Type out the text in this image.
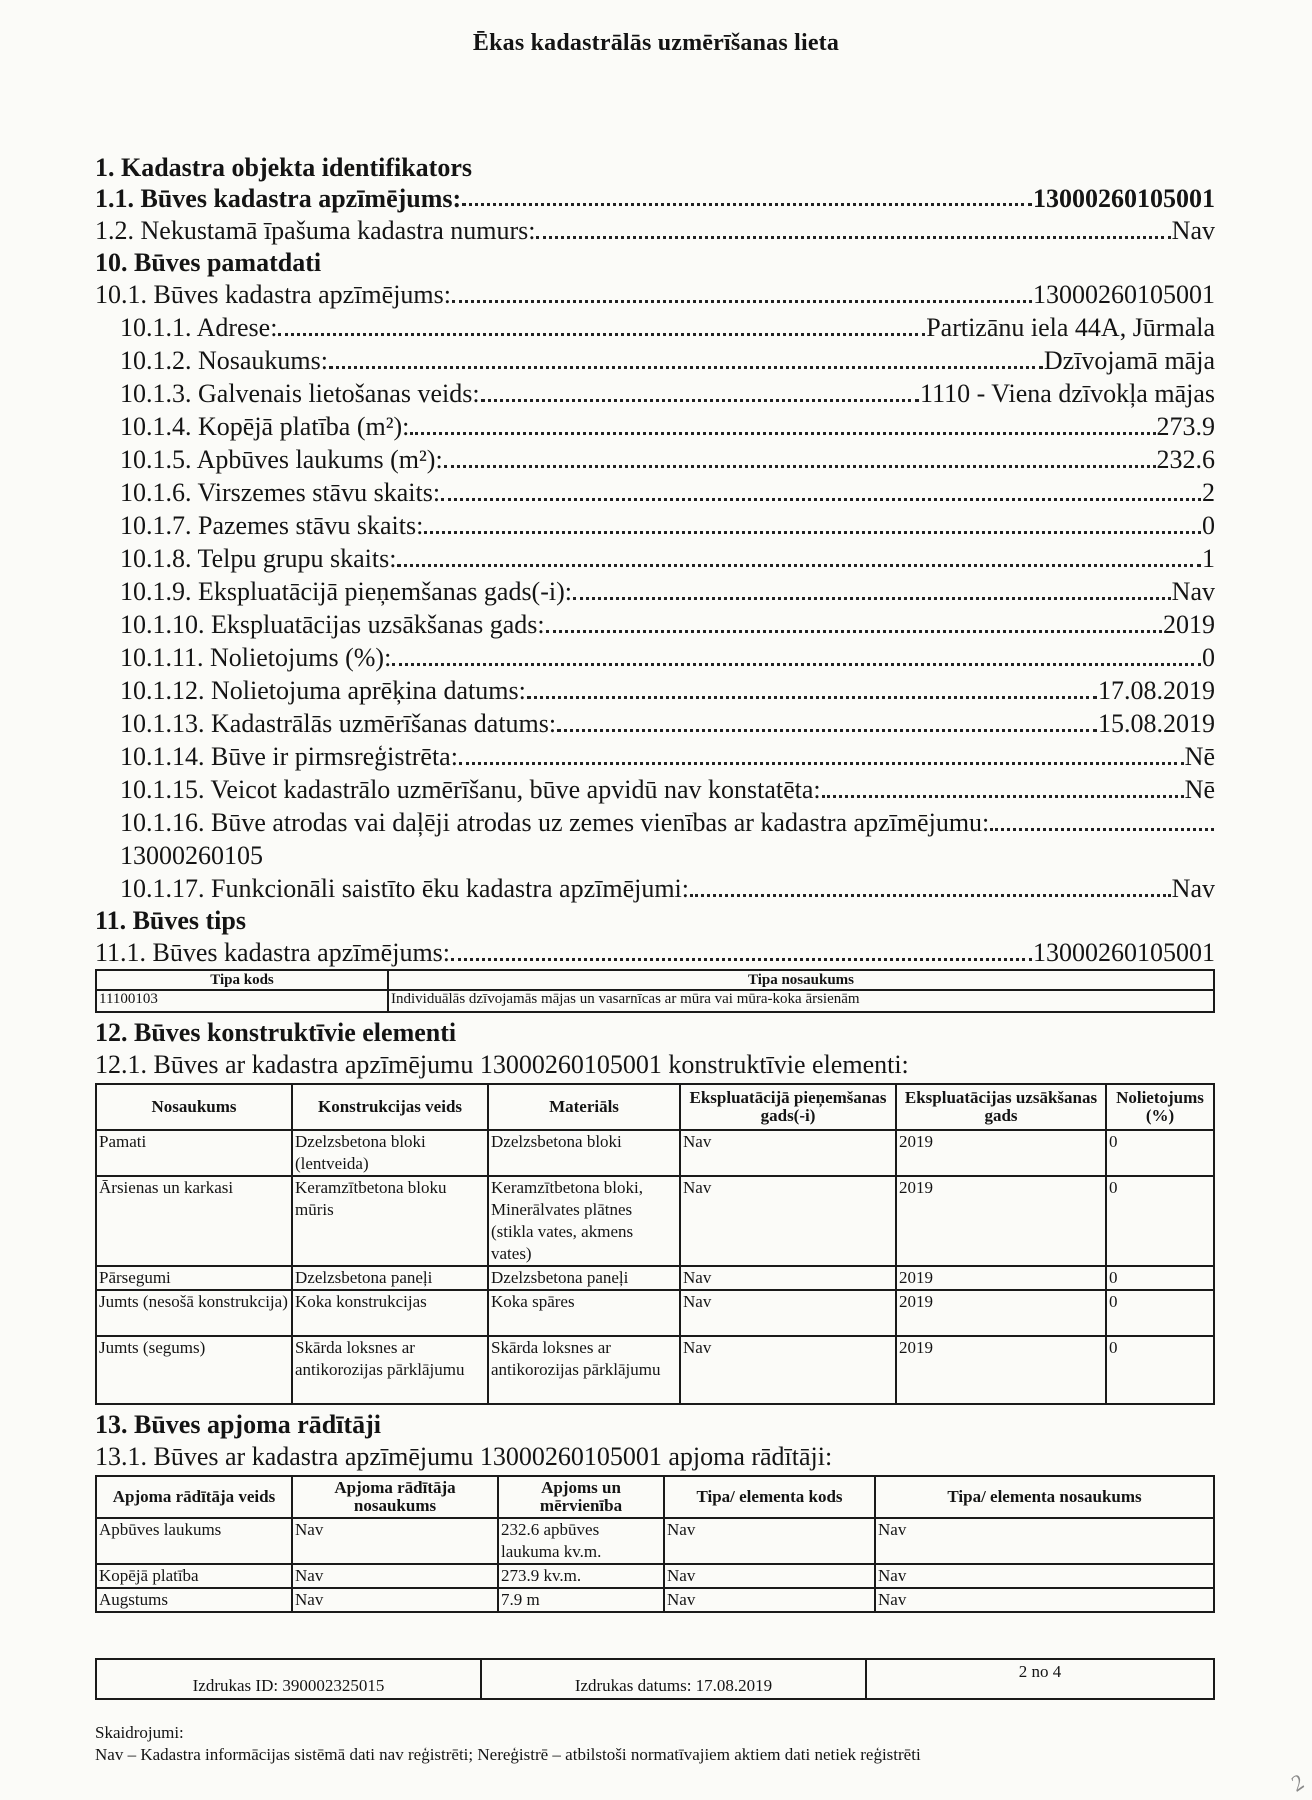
Ēkas kadastrālās uzmērīšanas lieta
1. Kadastra objekta identifikators
1.1. Būves kadastra apzīmējums:	13000260105001
1.2. Nekustamā īpašuma kadastra numurs:	Nav
10. Būves pamatdati
10.1. Būves kadastra apzīmējums:	13000260105001
10.1.1. Adrese:	Partizānu iela 44A, Jūrmala
10.1.2. Nosaukums:	Dzīvojamā māja
10.1.3. Galvenais lietošanas veids:	1110 - Viena dzīvokļa mājas
10.1.4. Kopējā platība (m²):	273.9
10.1.5. Apbūves laukums (m²):	232.6
10.1.6. Virszemes stāvu skaits:	2
10.1.7. Pazemes stāvu skaits:	0
10.1.8. Telpu grupu skaits:	1
10.1.9. Ekspluatācijā pieņemšanas gads(-i):	Nav
10.1.10. Ekspluatācijas uzsākšanas gads:	2019
10.1.11. Nolietojums (%):	0
10.1.12. Nolietojuma aprēķina datums:	17.08.2019
10.1.13. Kadastrālās uzmērīšanas datums:	15.08.2019
10.1.14. Būve ir pirmsreģistrēta:	Nē
10.1.15. Veicot kadastrālo uzmērīšanu, būve apvidū nav konstatēta:	Nē
10.1.16. Būve atrodas vai daļēji atrodas uz zemes vienības ar kadastra apzīmējumu:
13000260105
10.1.17. Funkcionāli saistīto ēku kadastra apzīmējumi:	Nav
11. Būves tips
11.1. Būves kadastra apzīmējums:	13000260105001
Tipa kods	Tipa nosaukums
11100103	Individuālās dzīvojamās mājas un vasarnīcas ar mūra vai mūra-koka ārsienām
12. Būves konstruktīvie elementi
12.1. Būves ar kadastra apzīmējumu 13000260105001 konstruktīvie elementi:
Nosaukums	Konstrukcijas veids	Materiāls	Ekspluatācijā pieņemšanas gads(-i)	Ekspluatācijas uzsākšanas gads	Nolietojums (%)
Pamati	Dzelzsbetona bloki (lentveida)	Dzelzsbetona bloki	Nav	2019	0
Ārsienas un karkasi	Keramzītbetona bloku mūris	Keramzītbetona bloki, Minerālvates plātnes (stikla vates, akmens vates)	Nav	2019	0
Pārsegumi	Dzelzsbetona paneļi	Dzelzsbetona paneļi	Nav	2019	0
Jumts (nesošā konstrukcija)	Koka konstrukcijas	Koka spāres	Nav	2019	0
Jumts (segums)	Skārda loksnes ar antikorozijas pārklājumu	Skārda loksnes ar antikorozijas pārklājumu	Nav	2019	0
13. Būves apjoma rādītāji
13.1. Būves ar kadastra apzīmējumu 13000260105001 apjoma rādītāji:
Apjoma rādītāja veids	Apjoma rādītāja nosaukums	Apjoms un mērvienība	Tipa/ elementa kods	Tipa/ elementa nosaukums
Apbūves laukums	Nav	232.6 apbūves laukuma kv.m.	Nav	Nav
Kopējā platība	Nav	273.9 kv.m.	Nav	Nav
Augstums	Nav	7.9 m	Nav	Nav
Izdrukas ID: 390002325015	Izdrukas datums: 17.08.2019	2 no 4
Skaidrojumi:
Nav – Kadastra informācijas sistēmā dati nav reģistrēti; Nereģistrē – atbilstoši normatīvajiem aktiem dati netiek reģistrēti
2
